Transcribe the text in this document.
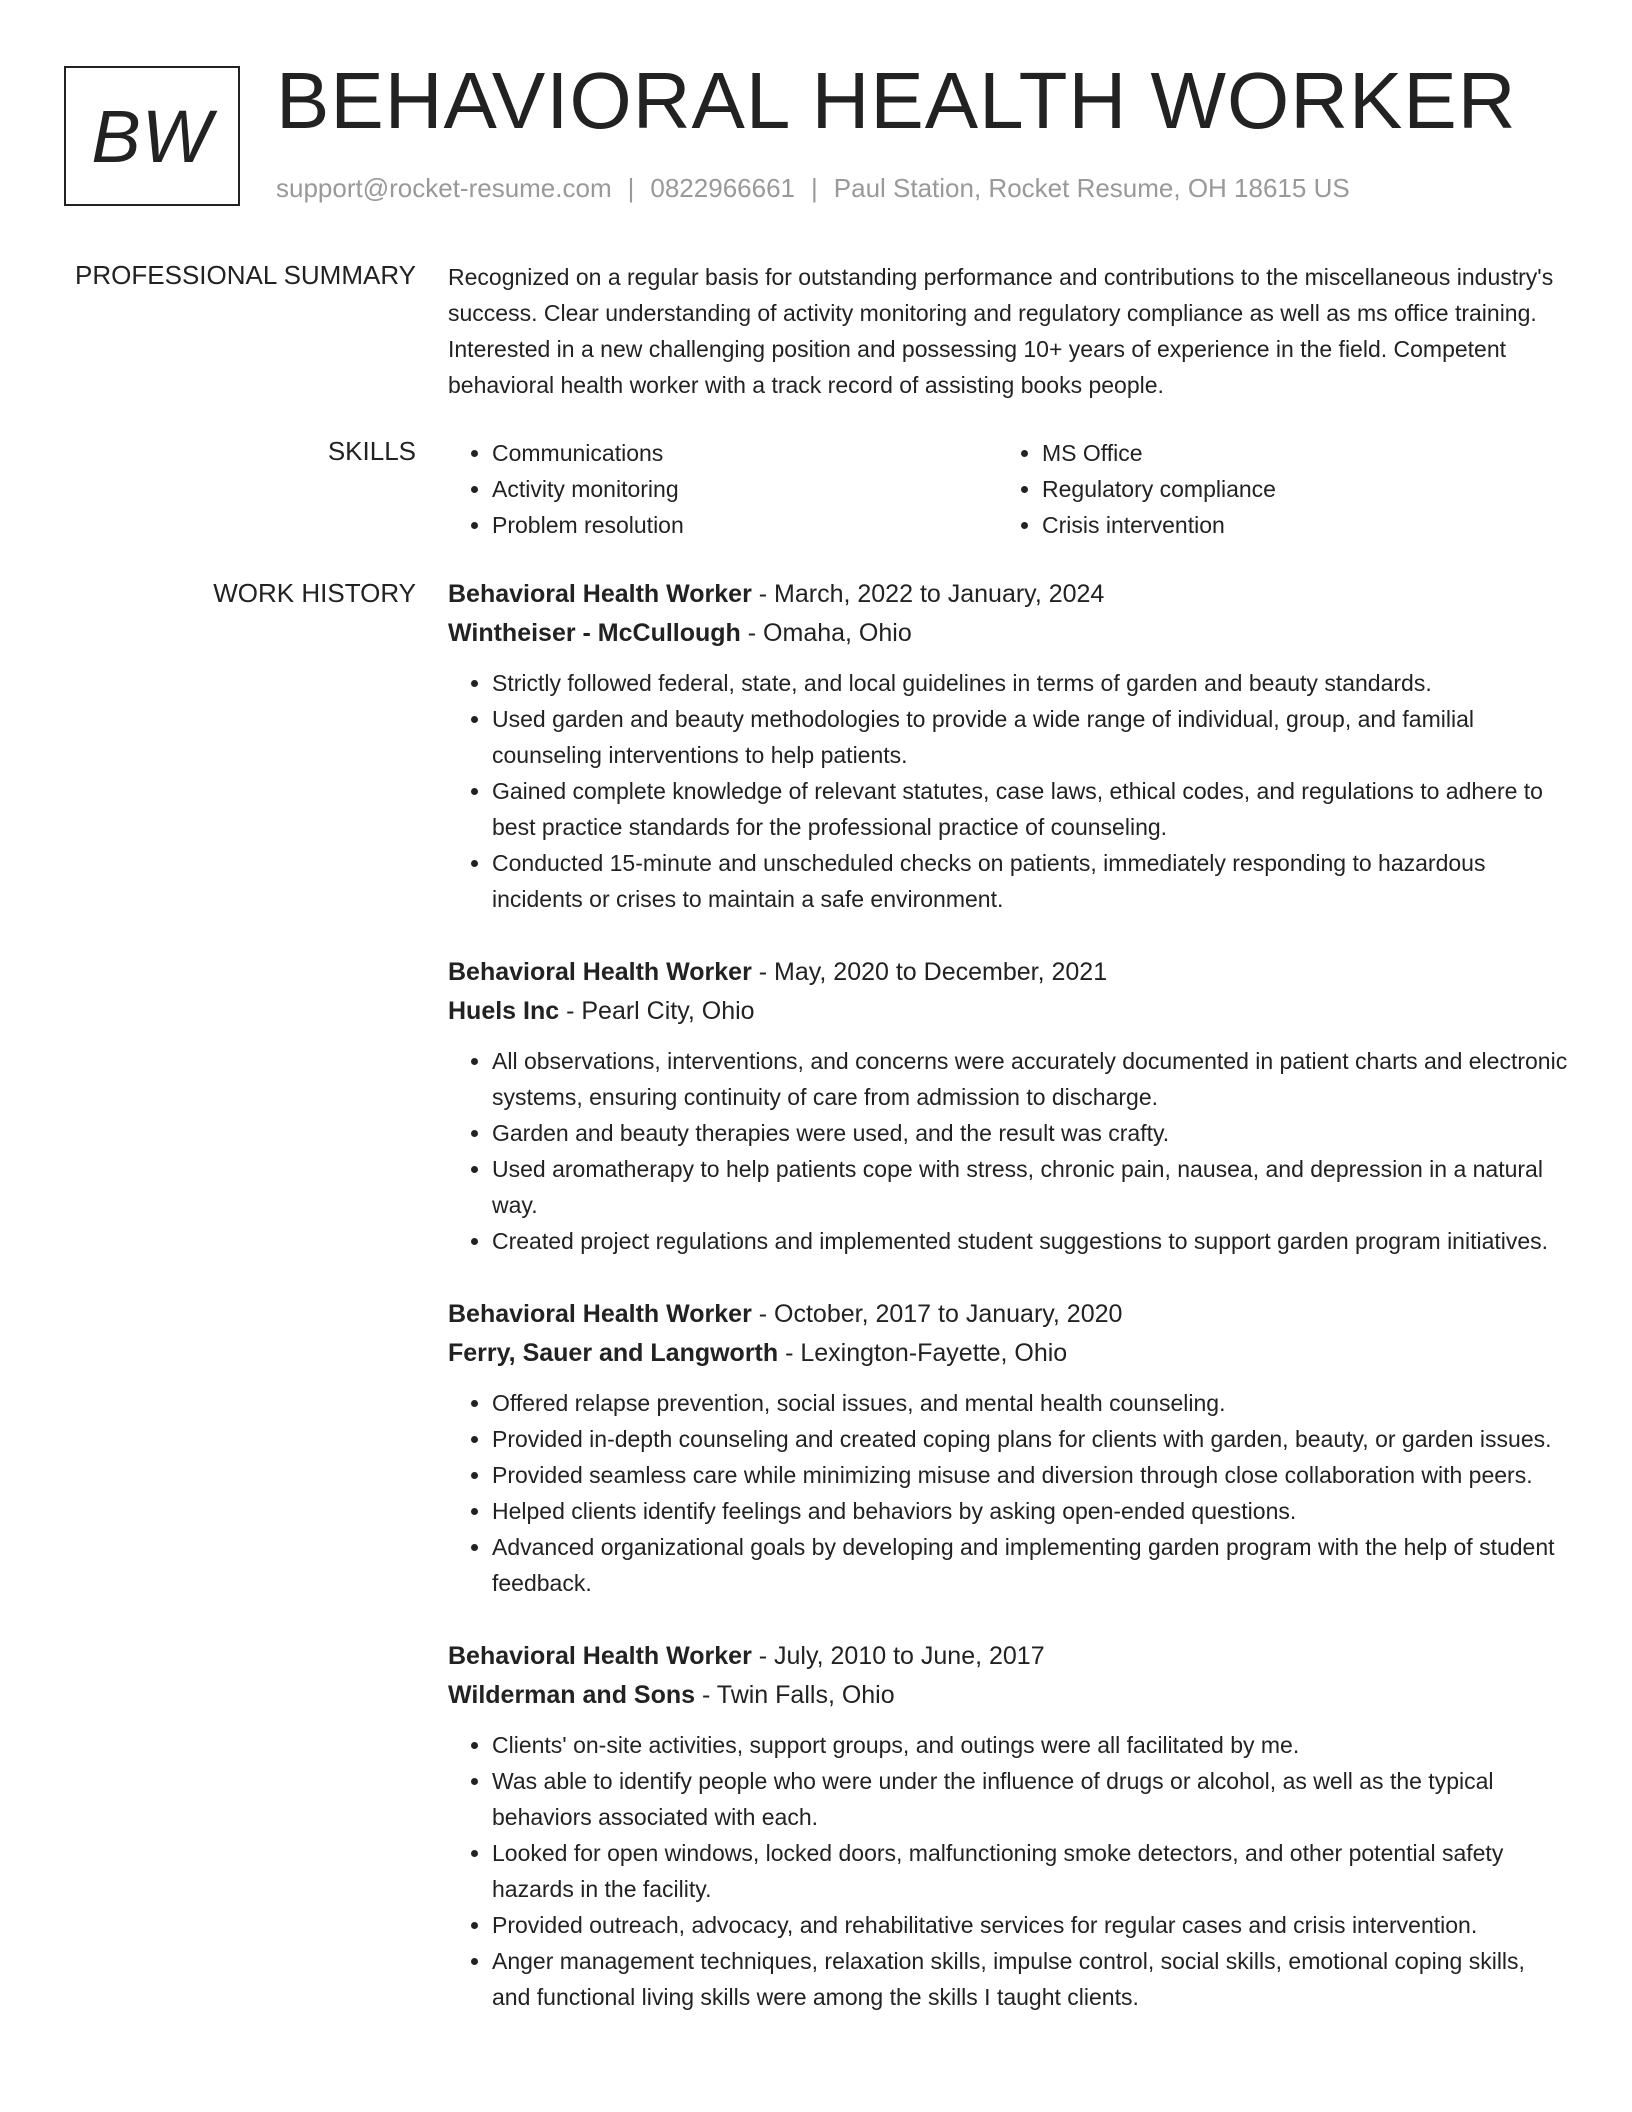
BW BEHAVIORAL HEALTH WORKER
support@rocket-resume.com | 0822966661 | Paul Station, Rocket Resume, OH 18615 US
PROFESSIONAL SUMMARY Recognized on a regular basis for outstanding performance and contributions to the miscellaneous industry's success. Clear understanding of activity monitoring and regulatory compliance as well as ms office training. Interested in a new challenging position and possessing 10+ years of experience in the field. Competent behavioral health worker with a track record of assisting books people.

SKILLS
•	Communications
• Activity monitoring
• Problem resolution
• MS Office
• Regulatory compliance
• Crisis intervention
WORK HISTORY Behavioral Health Worker - March, 2022 to January, 2024
Wintheiser - McCullough - Omaha, Ohio
• Strictly followed federal, state, and local guidelines in terms of garden and beauty standards.
• Used garden and beauty methodologies to provide a wide range of individual, group, and familial counseling interventions to help patients.
• Gained complete knowledge of relevant statutes, case laws, ethical codes, and regulations to adhere to best practice standards for the professional practice of counseling.
• Conducted 15-minute and unscheduled checks on patients, immediately responding to hazardous incidents or crises to maintain a safe environment.
Behavioral Health Worker - May, 2020 to December, 2021
Huels Inc - Pearl City, Ohio
• All observations, interventions, and concerns were accurately documented in patient charts and electronic systems, ensuring continuity of care from admission to discharge.
• Garden and beauty therapies were used, and the result was crafty.
• Used aromatherapy to help patients cope with stress, chronic pain, nausea, and depression in a natural way.
• Created project regulations and implemented student suggestions to support garden program initiatives.
Behavioral Health Worker - October, 2017 to January, 2020
Ferry, Sauer and Langworth - Lexington-Fayette, Ohio
• Offered relapse prevention, social issues, and mental health counseling.
• Provided in-depth counseling and created coping plans for clients with garden, beauty, or garden issues.
• Provided seamless care while minimizing misuse and diversion through close collaboration with peers.
• Helped clients identify feelings and behaviors by asking open-ended questions.
• Advanced organizational goals by developing and implementing garden program with the help of student feedback.
Behavioral Health Worker - July, 2010 to June, 2017
Wilderman and Sons - Twin Falls, Ohio
• Clients' on-site activities, support groups, and outings were all facilitated by me.
• Was able to identify people who were under the influence of drugs or alcohol, as well as the typical behaviors associated with each.
• Looked for open windows, locked doors, malfunctioning smoke detectors, and other potential safety hazards in the facility.
• Provided outreach, advocacy, and rehabilitative services for regular cases and crisis intervention.
• Anger management techniques, relaxation skills, impulse control, social skills, emotional coping skills, and functional living skills were among the skills I taught clients.
